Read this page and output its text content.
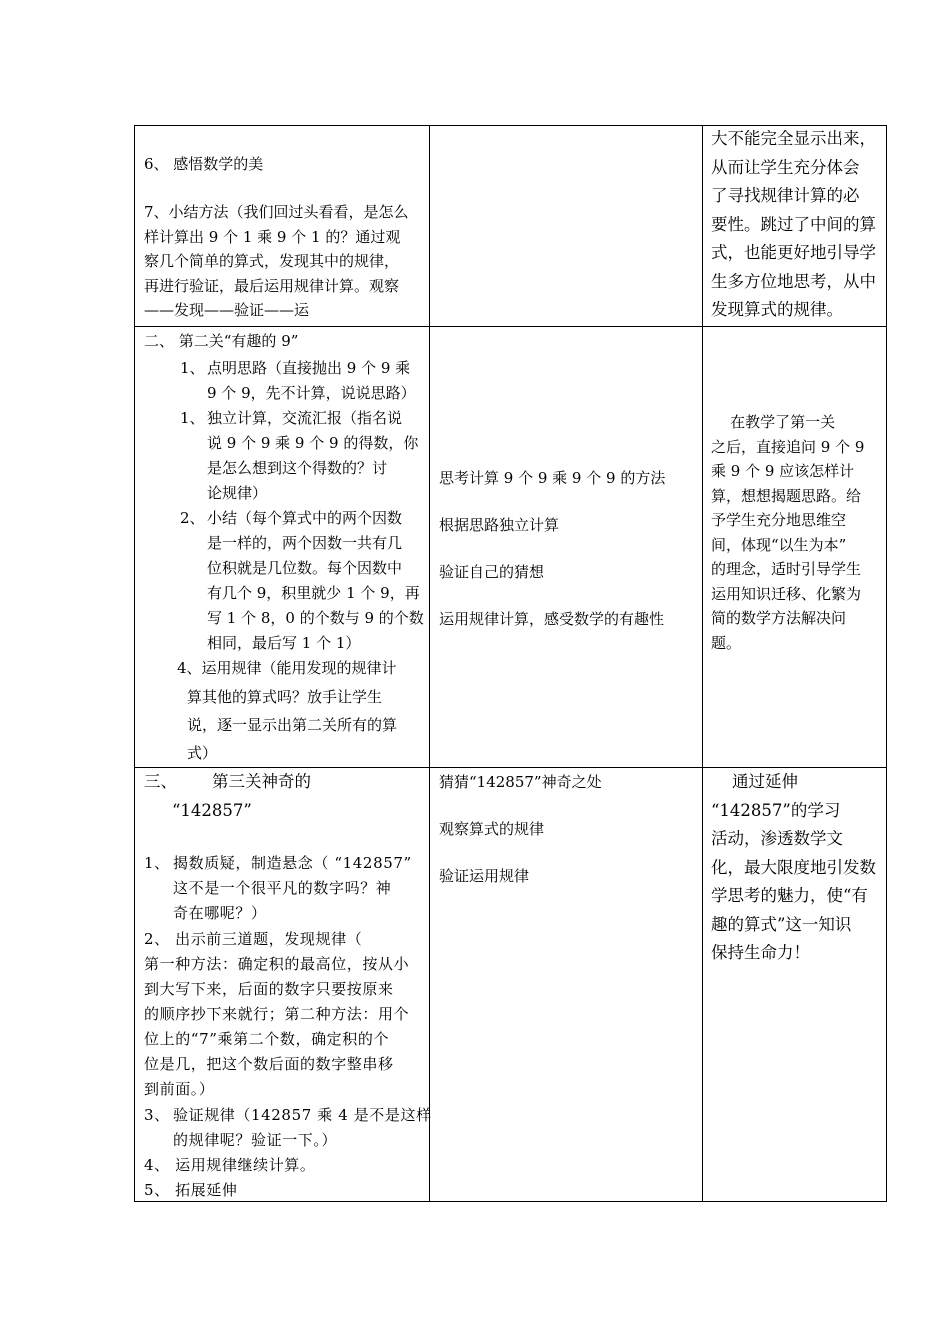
6、 感悟数学的美
7、小结方法（我们回过头看看，是怎么
样计算出 9 个 1 乘 9 个 1 的？通过观
察几个简单的算式，发现其中的规律，
再进行验证，最后运用规律计算。观察
——发现——验证——运
大不能完全显示出来，
从而让学生充分体会
了寻找规律计算的必
要性。跳过了中间的算
式，也能更好地引导学
生多方位地思考，从中
发现算式的规律。
二、 第二关“有趣的 9”
1、 点明思路（直接抛出 9 个 9 乘
9 个 9，先不计算，说说思路）
1、 独立计算，交流汇报（指名说
说 9 个 9 乘 9 个 9 的得数，你
是怎么想到这个得数的？讨
论规律）
2、 小结（每个算式中的两个因数
是一样的，两个因数一共有几
位积就是几位数。每个因数中
有几个 9，积里就少 1 个 9，再
写 1 个 8，0 的个数与 9 的个数
相同，最后写 1 个 1）
4、运用规律（能用发现的规律计
算其他的算式吗？放手让学生
说，逐一显示出第二关所有的算
式）
思考计算 9 个 9 乘 9 个 9 的方法
根据思路独立计算
验证自己的猜想
运用规律计算，感受数学的有趣性
在教学了第一关
之后，直接追问 9 个 9
乘 9 个 9 应该怎样计
算，想想揭题思路。给
予学生充分地思维空
间，体现“以生为本”
的理念，适时引导学生
运用知识迁移、化繁为
简的数学方法解决问
题。
三、 第三关神奇的
“142857”
1、 揭数质疑，制造悬念（ “142857”
这不是一个很平凡的数字吗？神
奇在哪呢？）
2、 出示前三道题，发现规律（
第一种方法：确定积的最高位，按从小
到大写下来，后面的数字只要按原来
的顺序抄下来就行；第二种方法：用个
位上的“7”乘第二个数，确定积的个
位是几，把这个数后面的数字整串移
到前面。）
3、 验证规律（142857 乘 4 是不是这样
的规律呢？验证一下。）
4、 运用规律继续计算。
5、 拓展延伸
猜猜“142857”神奇之处
观察算式的规律
验证运用规律
通过延伸
“142857”的学习
活动，渗透数学文
化，最大限度地引发数
学思考的魅力，使“有
趣的算式”这一知识
保持生命力！
